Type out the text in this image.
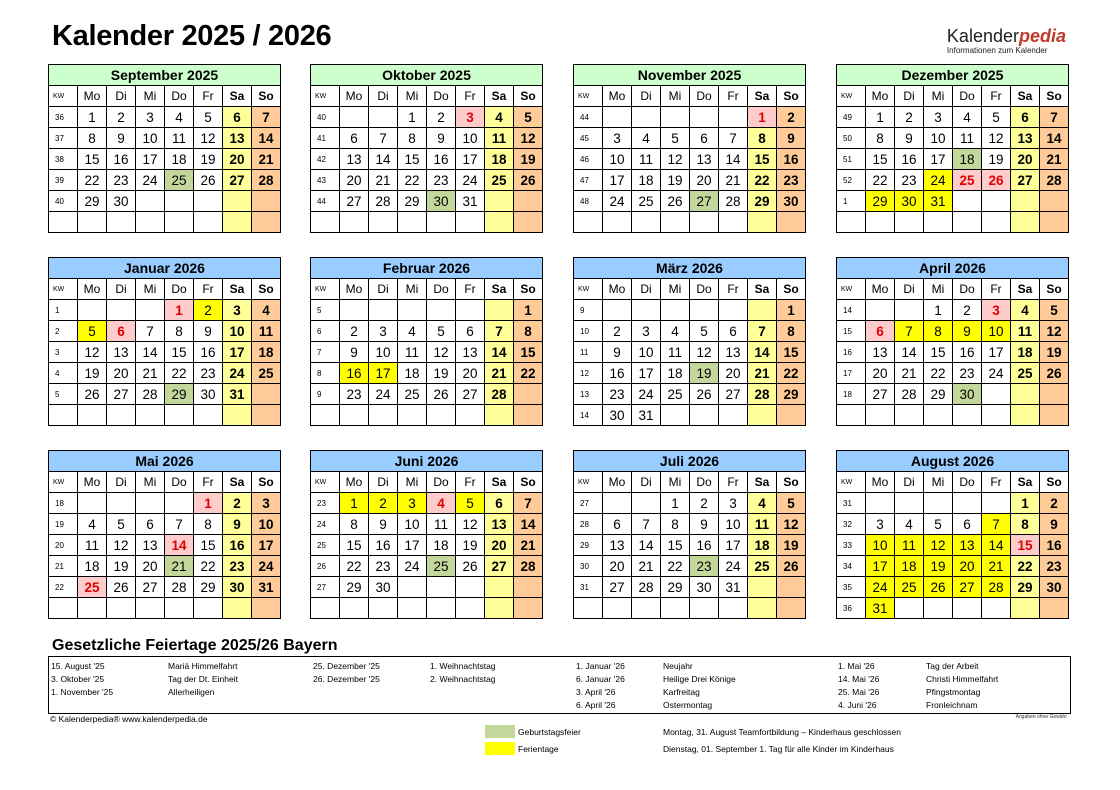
Kalender 2025 / 2026	Kalenderpedia
Informationen zum Kalender
September 2025							
KW	Mo	Di	Mi	Do	Fr	Sa	So
36	1	2	3	4	5	6	7
37	8	9	10	11	12	13	14
38	15	16	17	18	19	20	21
39	22	23	24	25	26	27	28
40	29	30					

Oktober 2025							
KW	Mo	Di	Mi	Do	Fr	Sa	So
40			1	2	3	4	5
41	6	7	8	9	10	11	12
42	13	14	15	16	17	18	19
43	20	21	22	23	24	25	26
44	27	28	29	30	31		

November 2025							
KW	Mo	Di	Mi	Do	Fr	Sa	So
44						1	2
45	3	4	5	6	7	8	9
46	10	11	12	13	14	15	16
47	17	18	19	20	21	22	23
48	24	25	26	27	28	29	30

Dezember 2025							
KW	Mo	Di	Mi	Do	Fr	Sa	So
49	1	2	3	4	5	6	7
50	8	9	10	11	12	13	14
51	15	16	17	18	19	20	21
52	22	23	24	25	26	27	28
1	29	30	31				

Januar 2026							
KW	Mo	Di	Mi	Do	Fr	Sa	So
1				1	2	3	4
2	5	6	7	8	9	10	11
3	12	13	14	15	16	17	18
4	19	20	21	22	23	24	25
5	26	27	28	29	30	31	

Februar 2026							
KW	Mo	Di	Mi	Do	Fr	Sa	So
5							1
6	2	3	4	5	6	7	8
7	9	10	11	12	13	14	15
8	16	17	18	19	20	21	22
9	23	24	25	26	27	28	

März 2026							
KW	Mo	Di	Mi	Do	Fr	Sa	So
9							1
10	2	3	4	5	6	7	8
11	9	10	11	12	13	14	15
12	16	17	18	19	20	21	22
13	23	24	25	26	27	28	29
14	30	31					
April 2026							
KW	Mo	Di	Mi	Do	Fr	Sa	So
14			1	2	3	4	5
15	6	7	8	9	10	11	12
16	13	14	15	16	17	18	19
17	20	21	22	23	24	25	26
18	27	28	29	30			

Mai 2026							
KW	Mo	Di	Mi	Do	Fr	Sa	So
18					1	2	3
19	4	5	6	7	8	9	10
20	11	12	13	14	15	16	17
21	18	19	20	21	22	23	24
22	25	26	27	28	29	30	31

Juni 2026							
KW	Mo	Di	Mi	Do	Fr	Sa	So
23	1	2	3	4	5	6	7
24	8	9	10	11	12	13	14
25	15	16	17	18	19	20	21
26	22	23	24	25	26	27	28
27	29	30					

Juli 2026							
KW	Mo	Di	Mi	Do	Fr	Sa	So
27			1	2	3	4	5
28	6	7	8	9	10	11	12
29	13	14	15	16	17	18	19
30	20	21	22	23	24	25	26
31	27	28	29	30	31		

August 2026							
KW	Mo	Di	Mi	Do	Fr	Sa	So
31						1	2
32	3	4	5	6	7	8	9
33	10	11	12	13	14	15	16
34	17	18	19	20	21	22	23
35	24	25	26	27	28	29	30
36	31						
Gesetzliche Feiertage 2025/26 Bayern
15. August '25	Mariä Himmelfahrt
3. Oktober '25	Tag der Dt. Einheit
1. November '25	Allerheiligen
25. Dezember '25	1. Weihnachtstag
26. Dezember '25	2. Weihnachtstag
1. Januar '26	Neujahr
6. Januar '26	Heilige Drei Könige
3. April '26	Karfreitag
6. April '26	Ostermontag
1. Mai '26	Tag der Arbeit
14. Mai '26	Christi Himmelfahrt
25. Mai '26	Pfingstmontag
4. Juni '26	Fronleichnam
Angaben ohne Gewähr
© Kalenderpedia® www.kalenderpedia.de
Geburtstagsfeier
Ferientage
Montag, 31. August Teamfortbildung – Kinderhaus geschlossen
Dienstag, 01. September 1. Tag für alle Kinder im Kinderhaus
